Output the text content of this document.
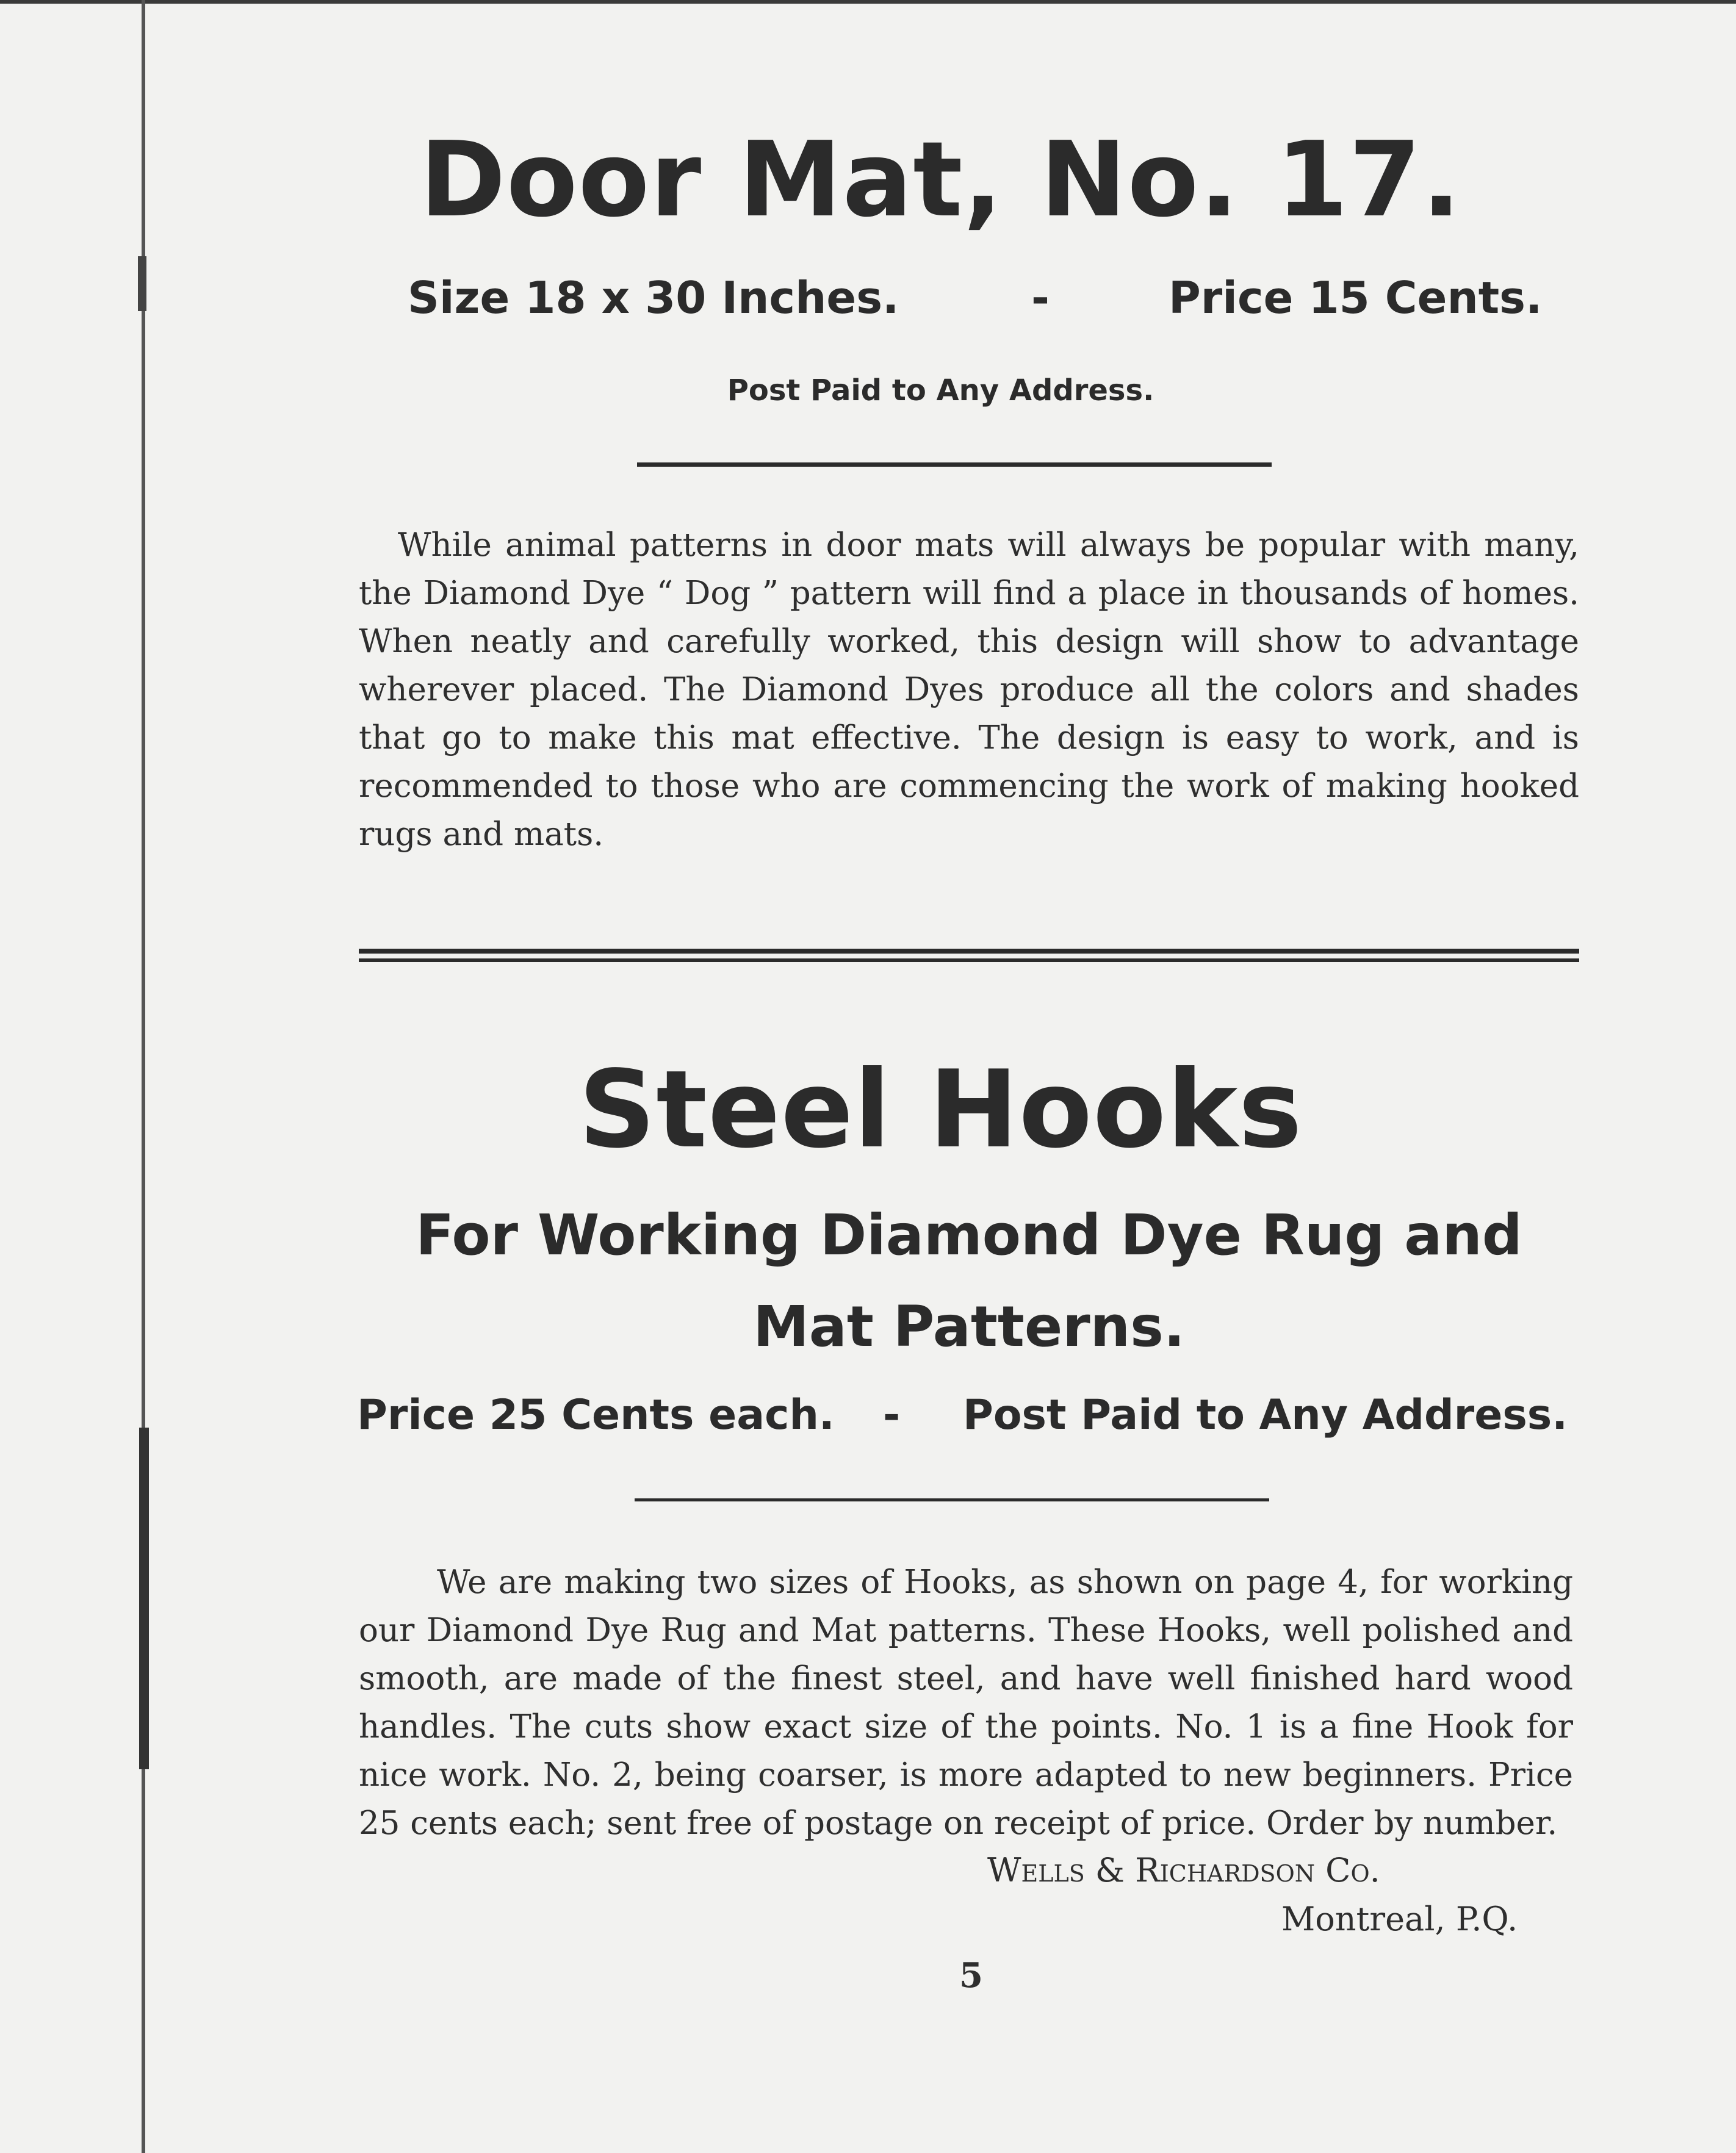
Door Mat, No. 17.
Size 18 x 30 Inches.	-	Price 15 Cents.
Post Paid to Any Address.

While animal patterns in door mats will always be popular with many, the Diamond Dye “ Dog ” pattern will find a place in thousands of homes. When neatly and carefully worked, this design will show to advantage wherever placed. The Diamond Dyes produce all the colors and shades that go to make this mat effective. The design is easy to work, and is recommended to those who are commencing the work of making hooked rugs and mats.

Steel Hooks
For Working Diamond Dye Rug and Mat Patterns.
Price 25 Cents each. - Post Paid to Any Address.

We are making two sizes of Hooks, as shown on page 4, for working our Diamond Dye Rug and Mat patterns. These Hooks, well polished and smooth, are made of the finest steel, and have well finished hard wood handles. The cuts show exact size of the points. No. 1 is a fine Hook for nice work. No. 2, being coarser, is more adapted to new beginners. Price 25 cents each; sent free of postage on receipt of price. Order by number.

Wells & Richardson Co.
Montreal, P.Q.
5
